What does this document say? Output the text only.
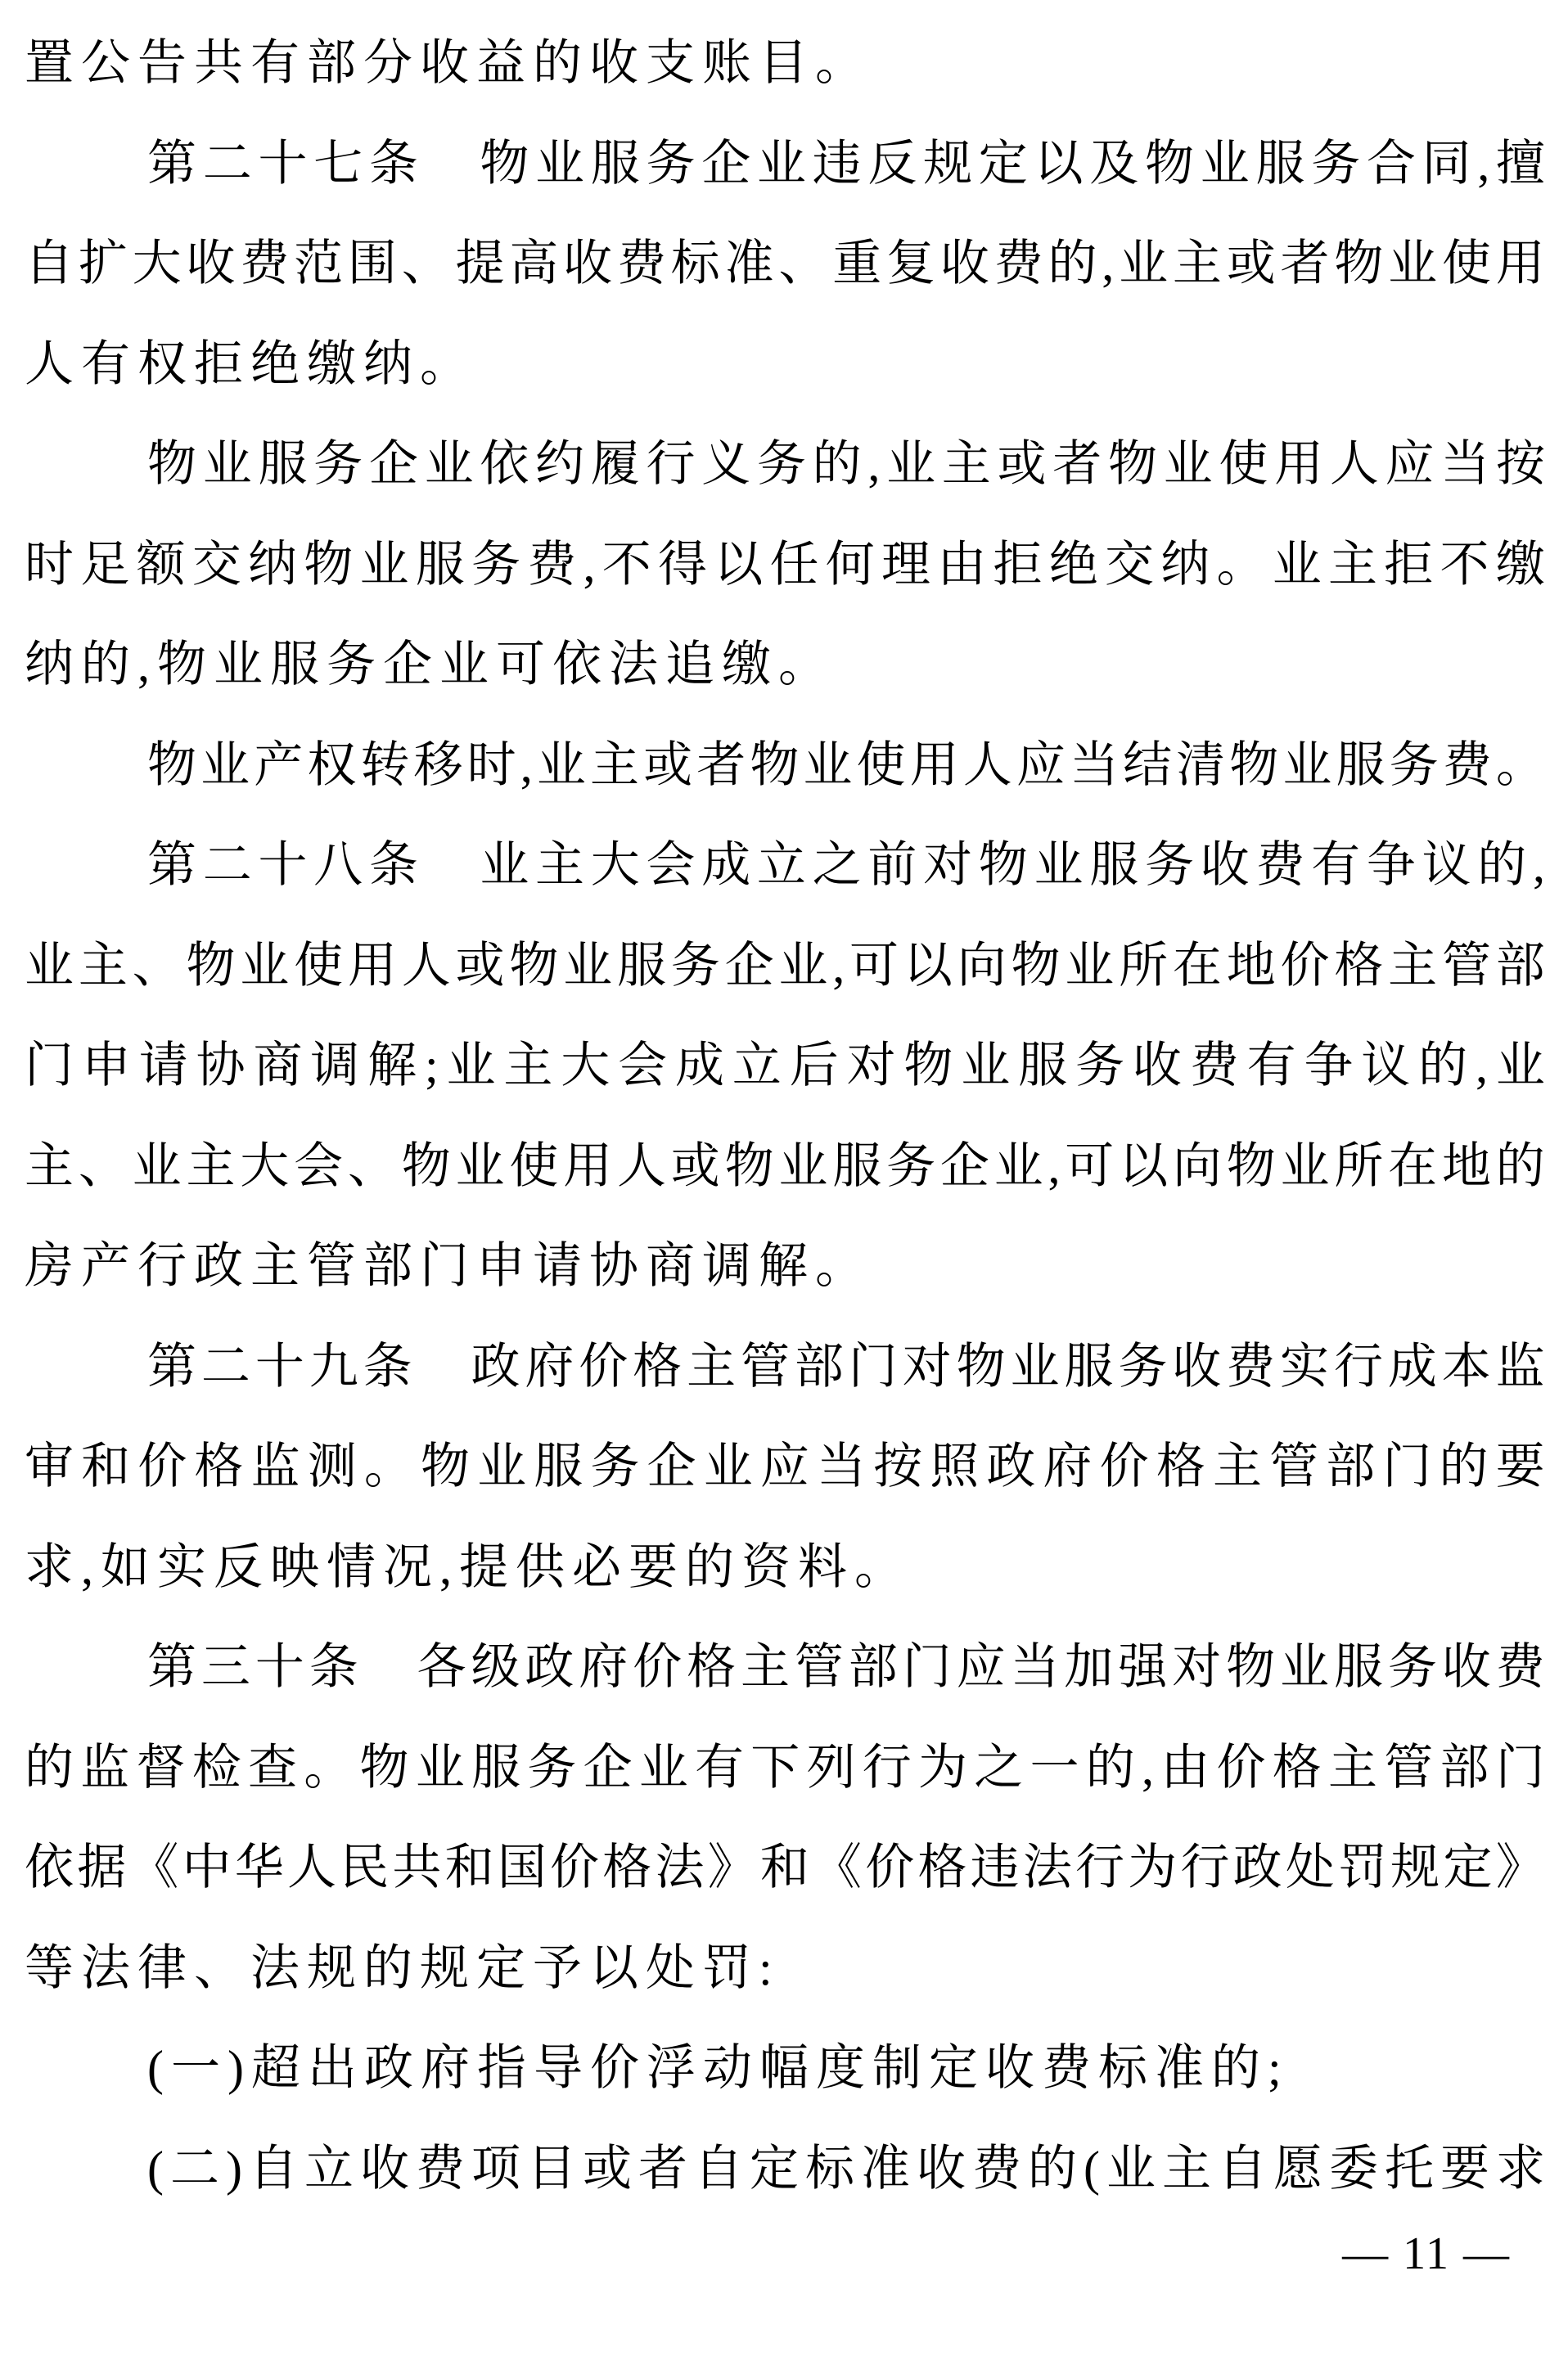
置公告共有部分收益的收支账目。
第 二 十 七 条
　 物 业 服 务 企 业 违 反 规 定 以 及 物 业 服 务 合 同 , 擅
自 扩 大 收 费 范 围 、 提 高 收 费 标 准 、 重 复 收 费 的 , 业 主 或 者 物 业 使 用
人有权拒绝缴纳。
物 业 服 务 企 业 依 约 履 行 义 务 的 , 业 主 或 者 物 业 使 用 人 应 当 按
时 足 额 交 纳 物 业 服 务 费 , 不 得 以 任 何 理 由 拒 绝 交 纳 。 业 主 拒 不 缴
纳的,物业服务企业可依法追缴。
物 业 产 权 转 移 时 , 业 主 或 者 物 业 使 用 人 应 当 结 清 物 业 服 务 费 。
第 二 十 八 条
　 业 主 大 会 成 立 之 前 对 物 业 服 务 收 费 有 争 议 的 ,
业 主 、 物 业 使 用 人 或 物 业 服 务 企 业 , 可 以 向 物 业 所 在 地 价 格 主 管 部
门 申 请 协 商 调 解 ; 业 主 大 会 成 立 后 对 物 业 服 务 收 费 有 争 议 的 , 业
主 、 业 主 大 会 、 物 业 使 用 人 或 物 业 服 务 企 业 , 可 以 向 物 业 所 在 地 的
房产行政主管部门申请协商调解。
第 二 十 九 条
　 政 府 价 格 主 管 部 门 对 物 业 服 务 收 费 实 行 成 本 监
审 和 价 格 监 测 。 物 业 服 务 企 业 应 当 按 照 政 府 价 格 主 管 部 门 的 要
求,如实反映情况,提供必要的资料。
第 三 十 条
　 各 级 政 府 价 格 主 管 部 门 应 当 加 强 对 物 业 服 务 收 费
的 监 督 检 查 。 物 业 服 务 企 业 有 下 列 行 为 之 一 的 , 由 价 格 主 管 部 门
依 据 《 中 华 人 民 共 和 国 价 格 法 》 和 《 价 格 违 法 行 为 行 政 处 罚 规 定 》
等法律、法规的规定予以处罚:
(一)超出政府指导价浮动幅度制定收费标准的;
( 二 ) 自 立 收 费 项 目 或 者 自 定 标 准 收 费 的 ( 业 主 自 愿 委 托 要 求
— 11 —
